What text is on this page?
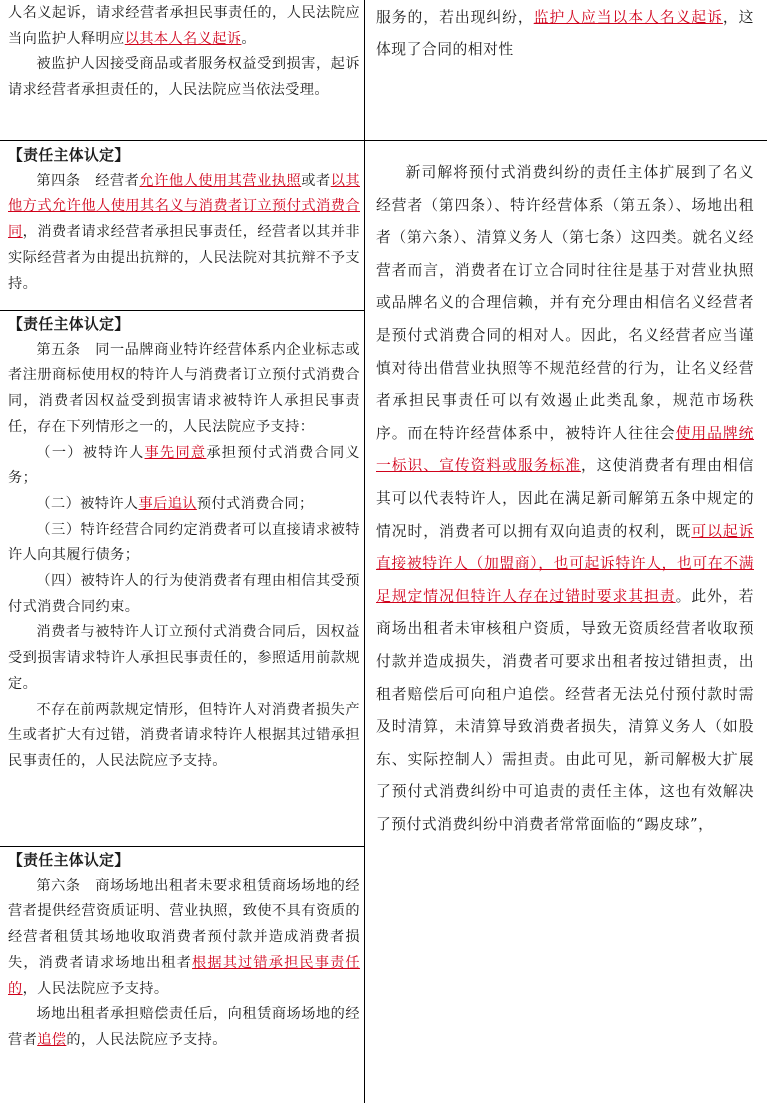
人名义起诉，请求经营者承担民事责任的，人民法院应当向监护人释明应以其本人名义起诉。

被监护人因接受商品或者服务权益受到损害，起诉请求经营者承担责任的，人民法院应当依法受理。

【责任主体认定】

第四条　经营者允许他人使用其营业执照或者以其他方式允许他人使用其名义与消费者订立预付式消费合同，消费者请求经营者承担民事责任，经营者以其并非实际经营者为由提出抗辩的，人民法院对其抗辩不予支持。

【责任主体认定】

第五条　同一品牌商业特许经营体系内企业标志或者注册商标使用权的特许人与消费者订立预付式消费合同，消费者因权益受到损害请求被特许人承担民事责任，存在下列情形之一的，人民法院应予支持：

（一）被特许人事先同意承担预付式消费合同义务；

（二）被特许人事后追认预付式消费合同；

（三）特许经营合同约定消费者可以直接请求被特许人向其履行债务；

（四）被特许人的行为使消费者有理由相信其受预付式消费合同约束。

消费者与被特许人订立预付式消费合同后，因权益受到损害请求特许人承担民事责任的，参照适用前款规定。

不存在前两款规定情形，但特许人对消费者损失产生或者扩大有过错，消费者请求特许人根据其过错承担民事责任的，人民法院应予支持。

【责任主体认定】

第六条　商场场地出租者未要求租赁商场场地的经营者提供经营资质证明、营业执照，致使不具有资质的经营者租赁其场地收取消费者预付款并造成消费者损失，消费者请求场地出租者根据其过错承担民事责任的，人民法院应予支持。

场地出租者承担赔偿责任后，向租赁商场场地的经营者追偿的，人民法院应予支持。

服务的，若出现纠纷，监护人应当以本人名义起诉，这体现了合同的相对性

新司解将预付式消费纠纷的责任主体扩展到了名义经营者（第四条）、特许经营体系（第五条）、场地出租者（第六条）、清算义务人（第七条）这四类。就名义经营者而言，消费者在订立合同时往往是基于对营业执照或品牌名义的合理信赖，并有充分理由相信名义经营者是预付式消费合同的相对人。因此，名义经营者应当谨慎对待出借营业执照等不规范经营的行为，让名义经营者承担民事责任可以有效遏止此类乱象，规范市场秩序。而在特许经营体系中，被特许人往往会使用品牌统一标识、宣传资料或服务标准，这使消费者有理由相信其可以代表特许人，因此在满足新司解第五条中规定的情况时，消费者可以拥有双向追责的权利，既可以起诉直接被特许人（加盟商），也可起诉特许人，也可在不满足规定情况但特许人存在过错时要求其担责。此外，若商场出租者未审核租户资质，导致无资质经营者收取预付款并造成损失，消费者可要求出租者按过错担责，出租者赔偿后可向租户追偿。经营者无法兑付预付款时需及时清算，未清算导致消费者损失，清算义务人（如股东、实际控制人）需担责。由此可见，新司解极大扩展了预付式消费纠纷中可追责的责任主体，这也有效解决了预付式消费纠纷中消费者常常面临的“踢皮球”，
